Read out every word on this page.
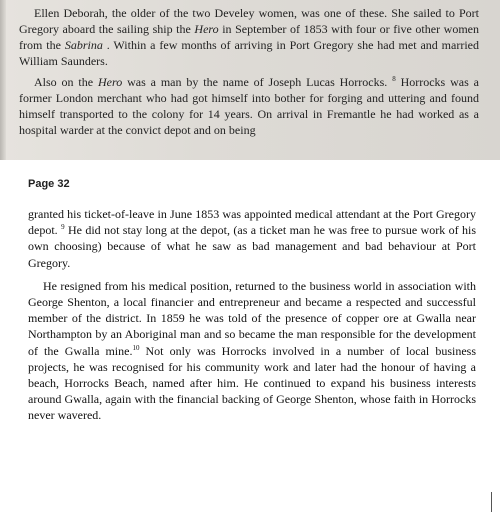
Ellen Deborah, the older of the two Develey women, was one of these. She sailed to Port Gregory aboard the sailing ship the Hero in September of 1853 with four or five other women from the Sabrina . Within a few months of arriving in Port Gregory she had met and married William Saunders.

Also on the Hero was a man by the name of Joseph Lucas Horrocks. $^8$ Horrocks was a former London merchant who had got himself into bother for forging and uttering and found himself transported to the colony for 14 years. On arrival in Fremantle he had worked as a hospital warder at the convict depot and on being

Page 32

granted his ticket-of-leave in June 1853 was appointed medical attendant at the Port Gregory depot. $^9$ He did not stay long at the depot, (as a ticket man he was free to pursue work of his own choosing) because of what he saw as bad management and bad behaviour at Port Gregory.

He resigned from his medical position, returned to the business world in association with George Shenton, a local financier and entrepreneur and became a respected and successful member of the district. In 1859 he was told of the presence of copper ore at Gwalla near Northampton by an Aboriginal man and so became the man responsible for the development of the Gwalla mine.$^{10}$ Not only was Horrocks involved in a number of local business projects, he was recognised for his community work and later had the honour of having a beach, Horrocks Beach, named after him. He continued to expand his business interests around Gwalla, again with the financial backing of George Shenton, whose faith in Horrocks never wavered.
